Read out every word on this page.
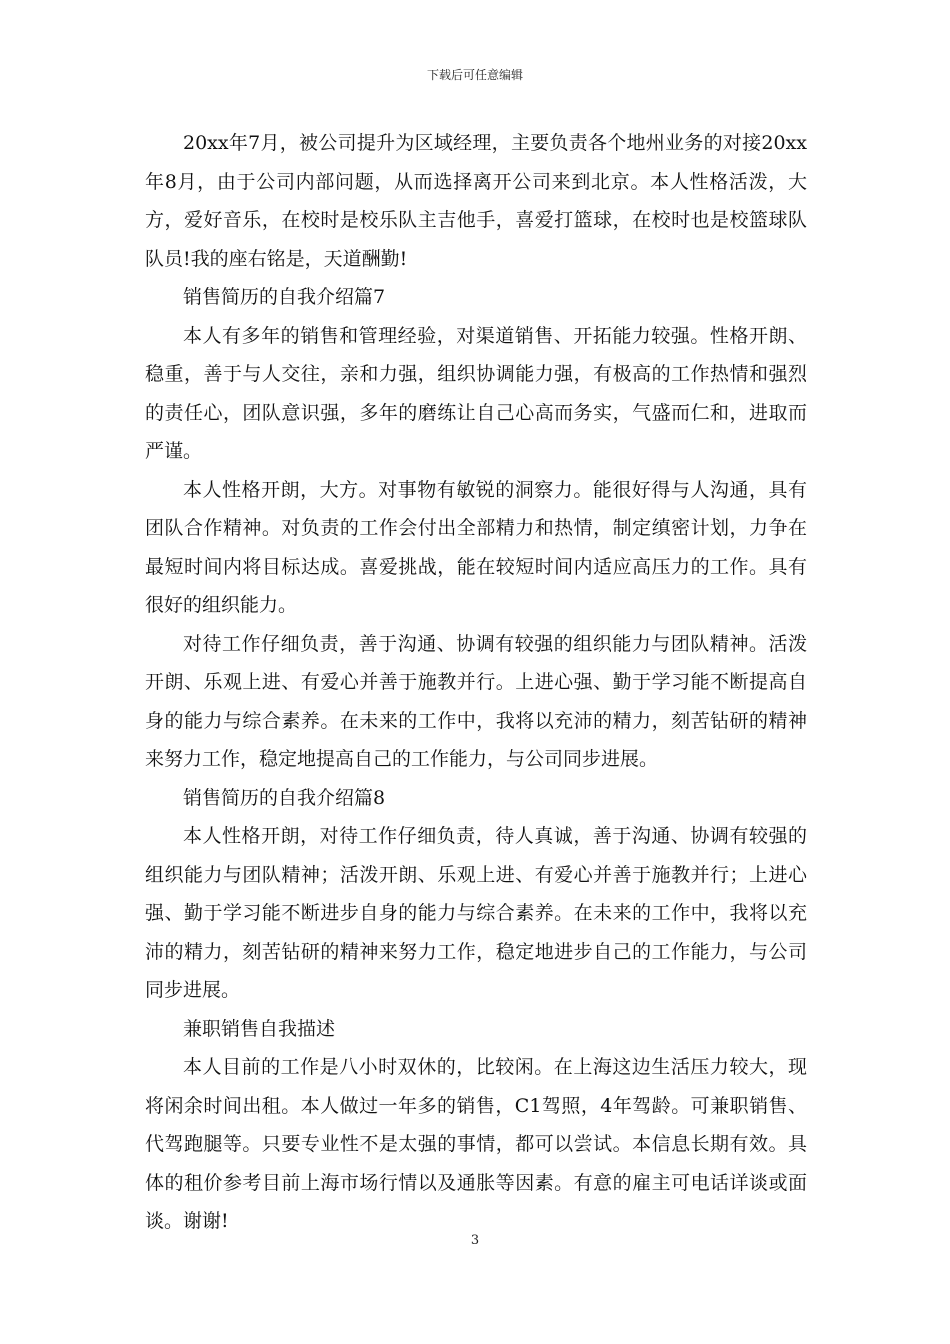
下载后可任意编辑

20xx年7月，被公司提升为区域经理，主要负责各个地州业务的对接20xx年8月，由于公司内部问题，从而选择离开公司来到北京。本人性格活泼，大方，爱好音乐，在校时是校乐队主吉他手，喜爱打篮球，在校时也是校篮球队队员!我的座右铭是，天道酬勤!

销售简历的自我介绍篇7

本人有多年的销售和管理经验，对渠道销售、开拓能力较强。性格开朗、稳重，善于与人交往，亲和力强，组织协调能力强，有极高的工作热情和强烈的责任心，团队意识强，多年的磨练让自己心高而务实，气盛而仁和，进取而严谨。

本人性格开朗，大方。对事物有敏锐的洞察力。能很好得与人沟通，具有团队合作精神。对负责的工作会付出全部精力和热情，制定缜密计划，力争在最短时间内将目标达成。喜爱挑战，能在较短时间内适应高压力的工作。具有很好的组织能力。

对待工作仔细负责，善于沟通、协调有较强的组织能力与团队精神。活泼开朗、乐观上进、有爱心并善于施教并行。上进心强、勤于学习能不断提高自身的能力与综合素养。在未来的工作中，我将以充沛的精力，刻苦钻研的精神来努力工作，稳定地提高自己的工作能力，与公司同步进展。

销售简历的自我介绍篇8

本人性格开朗，对待工作仔细负责，待人真诚，善于沟通、协调有较强的组织能力与团队精神；活泼开朗、乐观上进、有爱心并善于施教并行；上进心强、勤于学习能不断进步自身的能力与综合素养。在未来的工作中，我将以充沛的精力，刻苦钻研的精神来努力工作，稳定地进步自己的工作能力，与公司同步进展。

兼职销售自我描述

本人目前的工作是八小时双休的，比较闲。在上海这边生活压力较大，现将闲余时间出租。本人做过一年多的销售，C1驾照，4年驾龄。可兼职销售、代驾跑腿等。只要专业性不是太强的事情，都可以尝试。本信息长期有效。具体的租价参考目前上海市场行情以及通胀等因素。有意的雇主可电话详谈或面谈。谢谢!

3
